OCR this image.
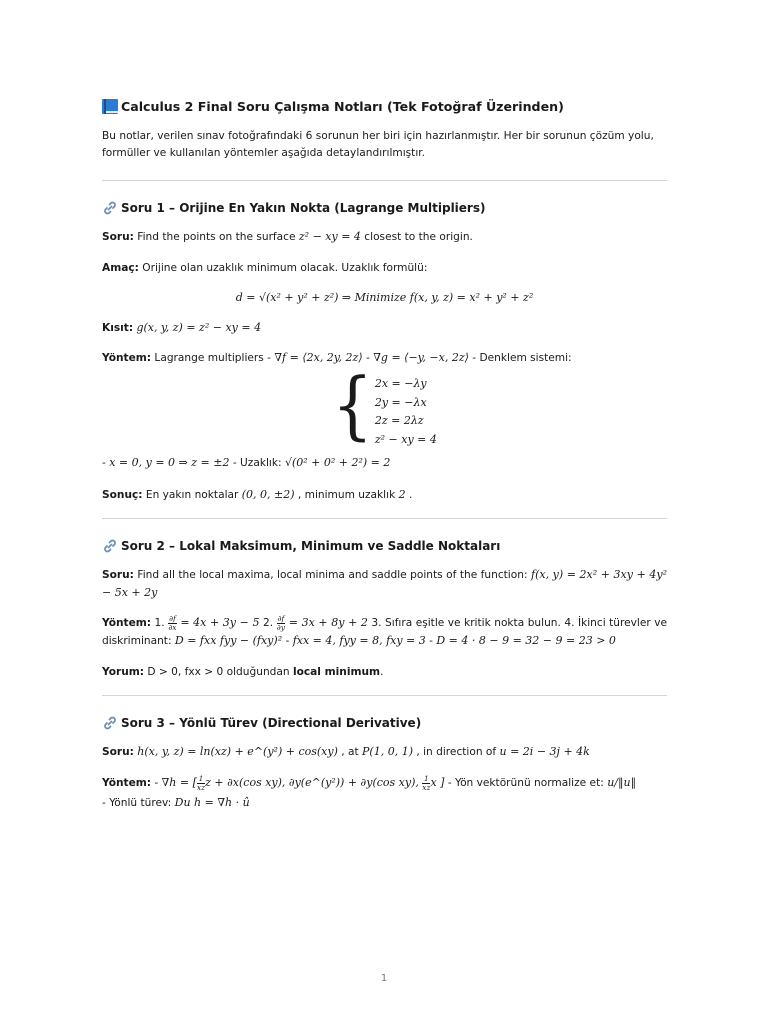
Calculus 2 Final Soru Çalışma Notları (Tek Fotoğraf Üzerinden)

Bu notlar, verilen sınav fotoğrafındaki 6 sorunun her biri için hazırlanmıştır. Her bir sorunun çözüm yolu, formüller ve kullanılan yöntemler aşağıda detaylandırılmıştır.

Soru 1 – Orijine En Yakın Nokta (Lagrange Multipliers)

Soru: Find the points on the surface z² − xy = 4 closest to the origin.

Amaç: Orijine olan uzaklık minimum olacak. Uzaklık formülü:

d = √(x² + y² + z²) ⇒ Minimize f(x, y, z) = x² + y² + z²

Kısıt: g(x, y, z) = z² − xy = 4

Yöntem: Lagrange multipliers - ∇f = ⟨2x, 2y, 2z⟩ - ∇g = ⟨−y, −x, 2z⟩ - Denklem sistemi:

{ 2x = −λy
2y = −λx
2z = 2λz
z² − xy = 4

- x = 0, y = 0 ⇒ z = ±2 - Uzaklık: √(0² + 0² + 2²) = 2

Sonuç: En yakın noktalar (0, 0, ±2) , minimum uzaklık 2 .

Soru 2 – Lokal Maksimum, Minimum ve Saddle Noktaları

Soru: Find all the local maxima, local minima and saddle points of the function: f(x, y) = 2x² + 3xy + 4y² − 5x + 2y

Yöntem: 1. $\frac{\partial f}{\partial x} = 4x + 3y - 5$ 2. $\frac{\partial f}{\partial y} = 3x + 8y + 2$ 3. Sıfıra eşitle ve kritik nokta bulun. 4. İkinci türevler ve diskriminant: D = fxx fyy − (fxy)² - fxx = 4, fyy = 8, fxy = 3 - D = 4 · 8 − 9 = 32 − 9 = 23 > 0

Yorum: D > 0, fxx > 0 olduğundan local minimum.

Soru 3 – Yönlü Türev (Directional Derivative)

Soru: h(x, y, z) = ln(xz) + e^(y²) + cos(xy) , at P(1, 0, 1) , in direction of u = 2i − 3j + 4k

Yöntem: - ∇h = [ $\frac{1}{xz}$ z + ∂x(cos xy), ∂y(e^(y²)) + ∂y(cos xy), $\frac{1}{xz}$ x ] - Yön vektörünü normalize et: u/‖u‖
- Yönlü türev: Du h = ∇h · û

1
